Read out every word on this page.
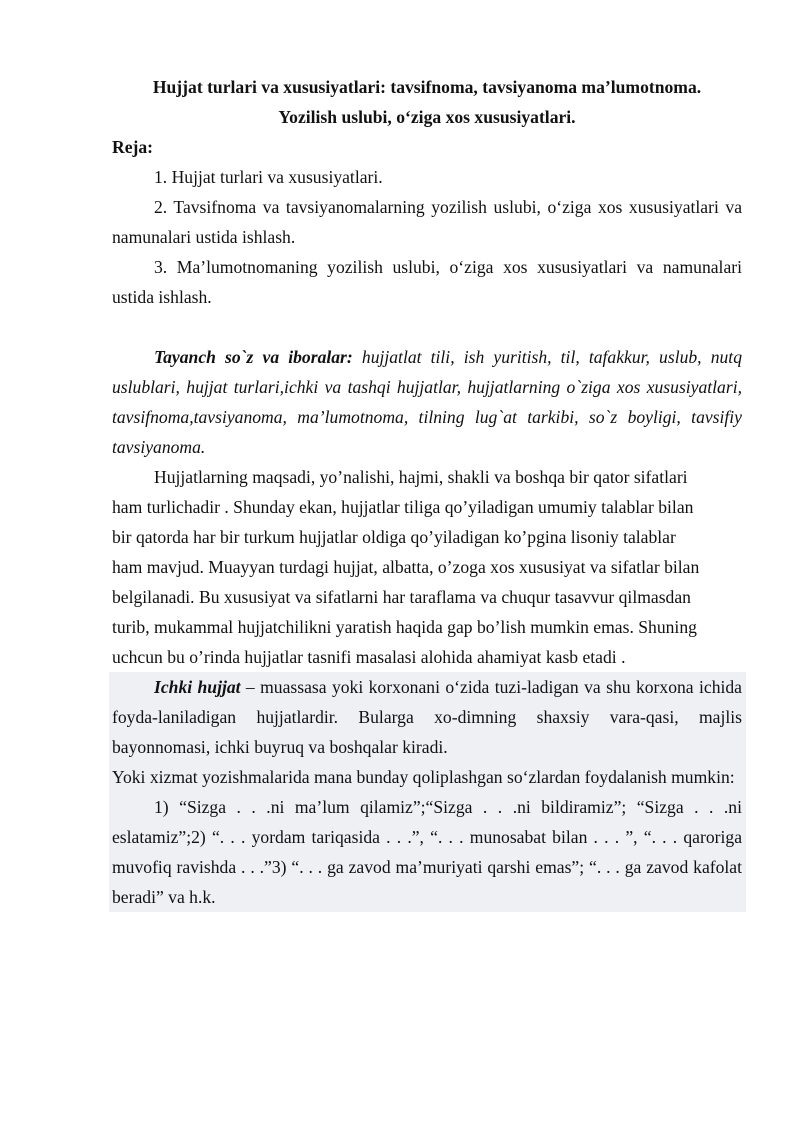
Hujjat turlari va xususiyatlari: tavsifnoma, tavsiyanoma ma’lumotnoma.

Yozilish uslubi, o‘ziga xos xususiyatlari.

Reja:

1. Hujjat turlari va xususiyatlari.

2. Tavsifnoma va tavsiyanomalarning yozilish uslubi, o‘ziga xos xususiyatlari va namunalari ustida ishlash.

3. Ma’lumotnomaning yozilish uslubi, o‘ziga xos xususiyatlari va namunalari ustida ishlash.

Tayanch so`z va iboralar: hujjatlat tili, ish yuritish, til, tafakkur, uslub, nutq uslublari, hujjat turlari,ichki va tashqi hujjatlar, hujjatlarning o`ziga xos xususiyatlari, tavsifnoma,tavsiyanoma, ma’lumotnoma, tilning lug`at tarkibi, so`z boyligi, tavsifiy tavsiyanoma.

Hujjatlarning maqsadi, yo’nalishi, hajmi, shakli va boshqa bir qator sifatlari

ham turlichadir . Shunday ekan, hujjatlar tiliga qo’yiladigan umumiy talablar bilan

bir qatorda har bir turkum hujjatlar oldiga qo’yiladigan ko’pgina lisoniy talablar

ham mavjud. Muayyan turdagi hujjat, albatta, o’zoga xos xususiyat va sifatlar bilan

belgilanadi. Bu xususiyat va sifatlarni har taraflama va chuqur tasavvur qilmasdan

turib, mukammal hujjatchilikni yaratish haqida gap bo’lish mumkin emas. Shuning

uchcun bu o’rinda hujjatlar tasnifi masalasi alohida ahamiyat kasb etadi .

Ichki hujjat – muassasa yoki korxonani o‘zida tuzi-ladigan va shu korxona ichida foyda-laniladigan hujjatlardir. Bularga xo-dimning shaxsiy vara-qasi, majlis bayonnomasi, ichki buyruq va boshqalar kiradi.

Yoki xizmat yozishmalarida mana bunday qoliplashgan so‘zlardan foydalanish mumkin:

1) “Sizga . . .ni ma’lum qilamiz”;“Sizga . . .ni bildiramiz”; “Sizga . . .ni eslatamiz”;2) “. . . yordam tariqasida . . .”, “. . . munosabat bilan . . . ”, “. . . qaroriga muvofiq ravishda . . .”3) “. . . ga zavod ma’muriyati qarshi emas”; “. . . ga zavod kafolat beradi” va h.k.
